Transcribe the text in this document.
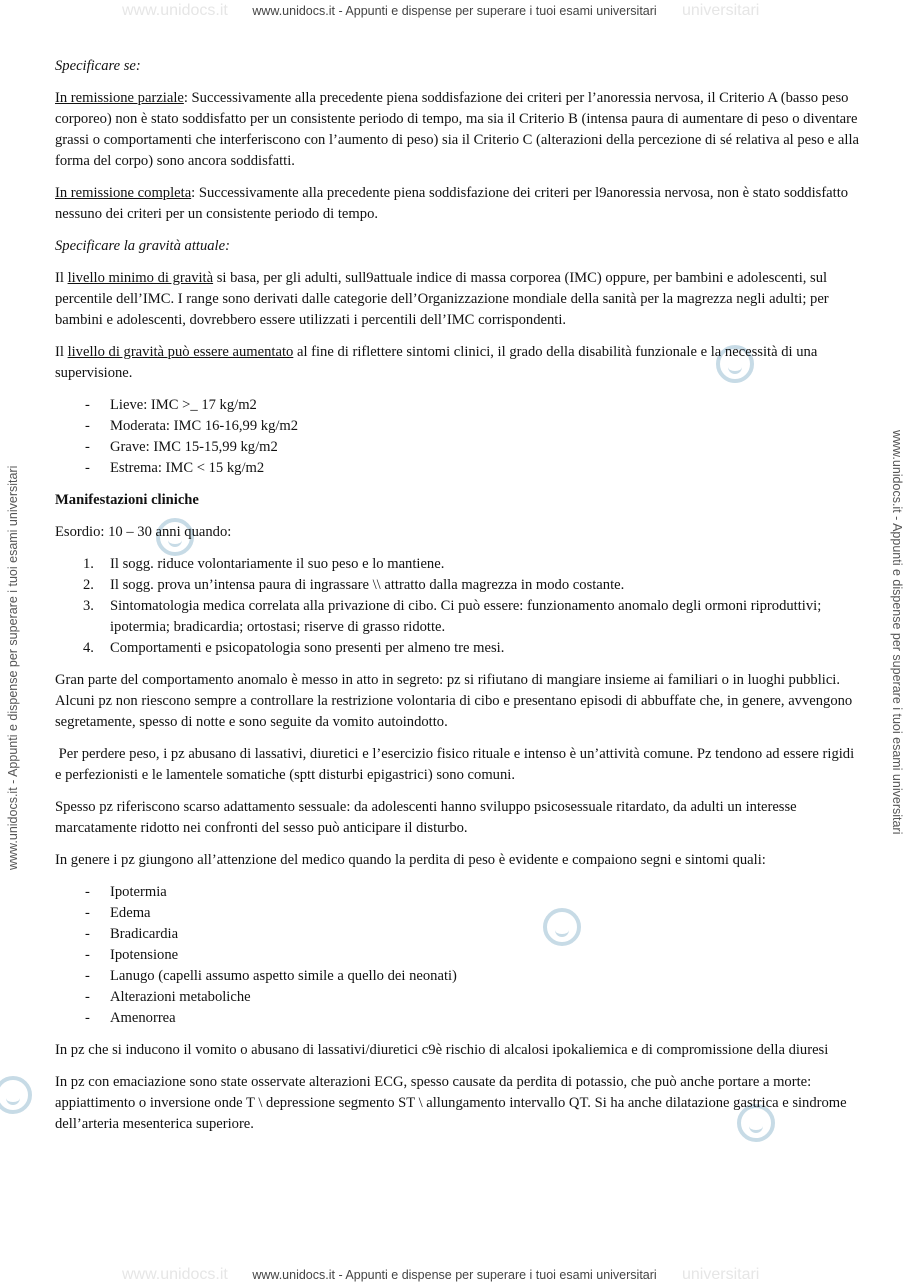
www.unidocs.it	universitari
www.unidocs.it - Appunti e dispense per superare i tuoi esami universitari
www.unidocs.it	universitari
www.unidocs.it - Appunti e dispense per superare i tuoi esami universitari
www.unidocs.it - Appunti e dispense per superare i tuoi esami universitari	www.unidocs.it - Appunti e dispense per superare i tuoi esami universitari

Specificare se:

In remissione parziale: Successivamente alla precedente piena soddisfazione dei criteri per l’anoressia nervosa, il Criterio A (basso peso corporeo) non è stato soddisfatto per un consistente periodo di tempo, ma sia il Criterio B (intensa paura di aumentare di peso o diventare grassi o comportamenti che interferiscono con l’aumento di peso) sia il Criterio C (alterazioni della percezione di sé relativa al peso e alla forma del corpo) sono ancora soddisfatti.

In remissione completa: Successivamente alla precedente piena soddisfazione dei criteri per l9anoressia nervosa, non è stato soddisfatto nessuno dei criteri per un consistente periodo di tempo.

Specificare la gravità attuale:

Il livello minimo di gravità si basa, per gli adulti, sull9attuale indice di massa corporea (IMC) oppure, per bambini e adolescenti, sul percentile dell’IMC. I range sono derivati dalle categorie dell’Organizzazione mondiale della sanità per la magrezza negli adulti; per bambini e adolescenti, dovrebbero essere utilizzati i percentili dell’IMC corrispondenti.

Il livello di gravità può essere aumentato al fine di riflettere sintomi clinici, il grado della disabilità funzionale e la necessità di una supervisione.

- Lieve: IMC >_ 17 kg/m2
- Moderata: IMC 16-16,99 kg/m2
- Grave: IMC 15-15,99 kg/m2
- Estrema: IMC < 15 kg/m2

Manifestazioni cliniche

Esordio: 10 – 30 anni quando:

1. Il sogg. riduce volontariamente il suo peso e lo mantiene.
2. Il sogg. prova un’intensa paura di ingrassare \\ attratto dalla magrezza in modo costante.
3. Sintomatologia medica correlata alla privazione di cibo. Ci può essere: funzionamento anomalo degli ormoni riproduttivi; ipotermia; bradicardia; ortostasi; riserve di grasso ridotte.
4. Comportamenti e psicopatologia sono presenti per almeno tre mesi.

Gran parte del comportamento anomalo è messo in atto in segreto: pz si rifiutano di mangiare insieme ai familiari o in luoghi pubblici. Alcuni pz non riescono sempre a controllare la restrizione volontaria di cibo e presentano episodi di abbuffate che, in genere, avvengono segretamente, spesso di notte e sono seguite da vomito autoindotto.

Per perdere peso, i pz abusano di lassativi, diuretici e l’esercizio fisico rituale e intenso è un’attività comune. Pz tendono ad essere rigidi e perfezionisti e le lamentele somatiche (sptt disturbi epigastrici) sono comuni.

Spesso pz riferiscono scarso adattamento sessuale: da adolescenti hanno sviluppo psicosessuale ritardato, da adulti un interesse marcatamente ridotto nei confronti del sesso può anticipare il disturbo.

In genere i pz giungono all’attenzione del medico quando la perdita di peso è evidente e compaiono segni e sintomi quali:

- Ipotermia
- Edema
- Bradicardia
- Ipotensione
- Lanugo (capelli assumo aspetto simile a quello dei neonati)
- Alterazioni metaboliche
- Amenorrea

In pz che si inducono il vomito o abusano di lassativi/diuretici c9è rischio di alcalosi ipokaliemica e di compromissione della diuresi

In pz con emaciazione sono state osservate alterazioni ECG, spesso causate da perdita di potassio, che può anche portare a morte: appiattimento o inversione onde T \ depressione segmento ST \ allungamento intervallo QT. Si ha anche dilatazione gastrica e sindrome dell’arteria mesenterica superiore.
